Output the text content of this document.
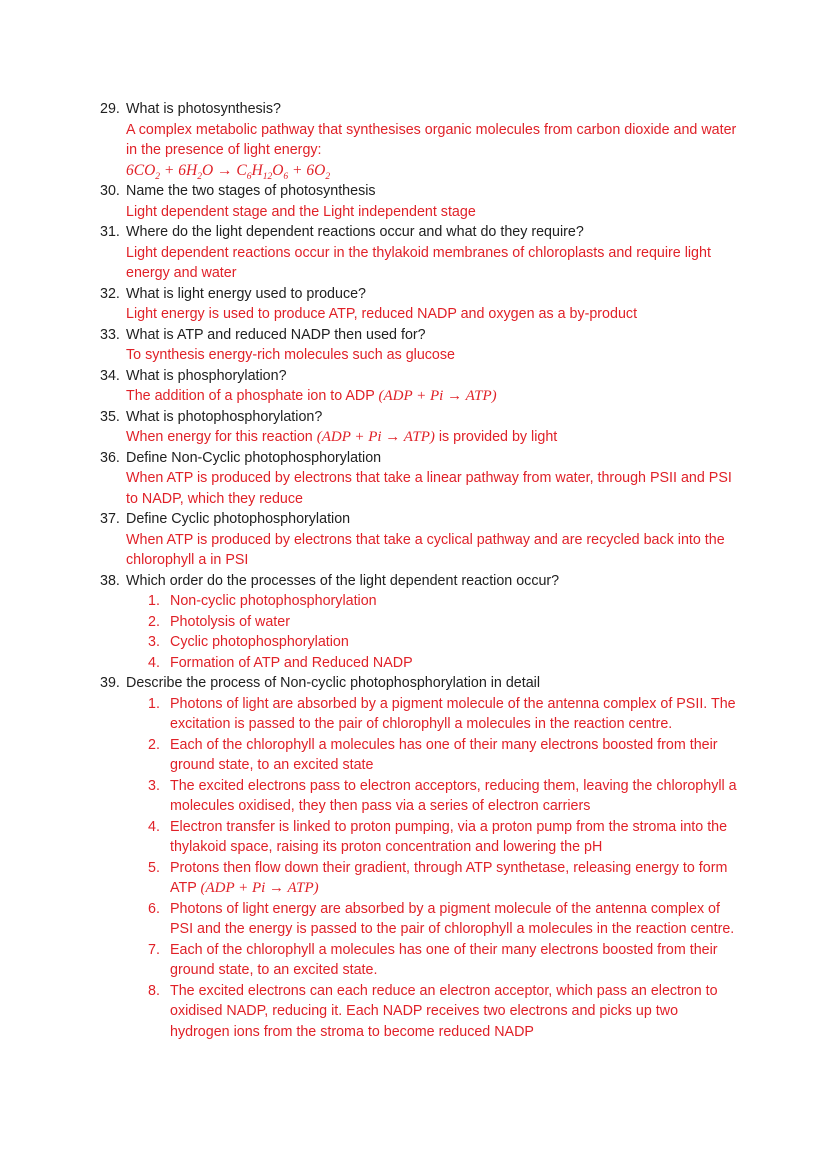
29. What is photosynthesis?
A complex metabolic pathway that synthesises organic molecules from carbon dioxide and water in the presence of light energy:
$6CO_2 + 6H_2O \to C_6H_{12}O_6 + 6O_2$
30. Name the two stages of photosynthesis
Light dependent stage and the Light independent stage
31. Where do the light dependent reactions occur and what do they require?
Light dependent reactions occur in the thylakoid membranes of chloroplasts and require light energy and water
32. What is light energy used to produce?
Light energy is used to produce ATP, reduced NADP and oxygen as a by-product
33. What is ATP and reduced NADP then used for?
To synthesis energy-rich molecules such as glucose
34. What is phosphorylation?
The addition of a phosphate ion to ADP (ADP + Pi → ATP)
35. What is photophosphorylation?
When energy for this reaction (ADP + Pi → ATP) is provided by light
36. Define Non-Cyclic photophosphorylation
When ATP is produced by electrons that take a linear pathway from water, through PSII and PSI to NADP, which they reduce
37. Define Cyclic photophosphorylation
When ATP is produced by electrons that take a cyclical pathway and are recycled back into the chlorophyll a in PSI
38. Which order do the processes of the light dependent reaction occur?
1. Non-cyclic photophosphorylation
2. Photolysis of water
3. Cyclic photophosphorylation
4. Formation of ATP and Reduced NADP
39. Describe the process of Non-cyclic photophosphorylation in detail
1. Photons of light are absorbed by a pigment molecule of the antenna complex of PSII. The excitation is passed to the pair of chlorophyll a molecules in the reaction centre.
2. Each of the chlorophyll a molecules has one of their many electrons boosted from their ground state, to an excited state
3. The excited electrons pass to electron acceptors, reducing them, leaving the chlorophyll a molecules oxidised, they then pass via a series of electron carriers
4. Electron transfer is linked to proton pumping, via a proton pump from the stroma into the thylakoid space, raising its proton concentration and lowering the pH
5. Protons then flow down their gradient, through ATP synthetase, releasing energy to form ATP (ADP + Pi → ATP)
6. Photons of light energy are absorbed by a pigment molecule of the antenna complex of PSI and the energy is passed to the pair of chlorophyll a molecules in the reaction centre.
7. Each of the chlorophyll a molecules has one of their many electrons boosted from their ground state, to an excited state.
8. The excited electrons can each reduce an electron acceptor, which pass an electron to oxidised NADP, reducing it. Each NADP receives two electrons and picks up two hydrogen ions from the stroma to become reduced NADP
